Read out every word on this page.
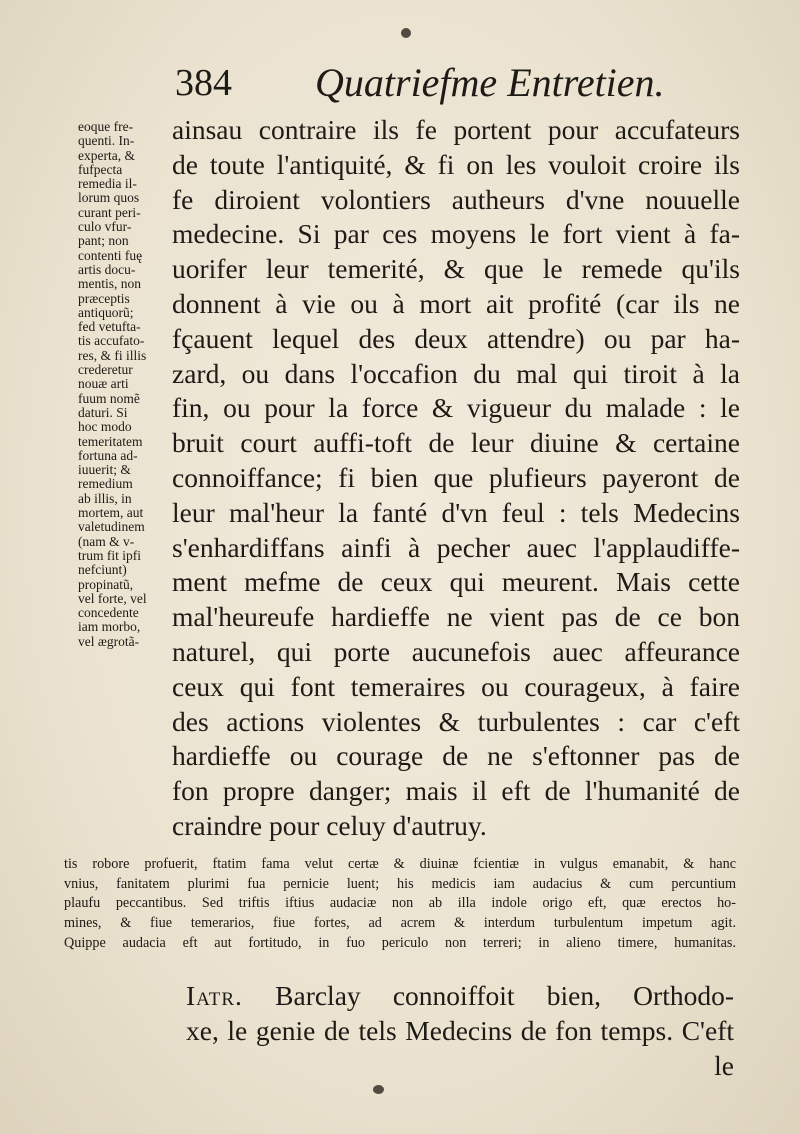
384 Quatriefme Entretien.
eoque fre-
quenti. In-
experta, &
fufpecta
remedia il-
lorum quos
curant peri-
culo vfur-
pant; non
contenti fuę
artis docu-
mentis, non
præceptis
antiquorũ;
fed vetufta-
tis accufato-
res, & fi illis
crederetur
nouæ arti
fuum nomẽ
daturi. Si
hoc modo
temeritatem
fortuna ad-
iuuerit; &
remedium
ab illis, in
mortem, aut
valetudinem
(nam & v-
trum fit ipfi
nefciunt)
propinatũ,
vel forte, vel
concedente
iam morbo,
vel ægrotã-
ainsau contraire ils fe portent pour accufateurs
de toute l'antiquité, & fi on les vouloit croire ils
fe diroient volontiers autheurs d'vne nouuelle
medecine. Si par ces moyens le fort vient à fa-
uorifer leur temerité, & que le remede qu'ils
donnent à vie ou à mort ait profité (car ils ne
fçauent lequel des deux attendre) ou par ha-
zard, ou dans l'occafion du mal qui tiroit à la
fin, ou pour la force & vigueur du malade : le
bruit court auffi-toft de leur diuine & certaine
connoiffance; fi bien que plufieurs payeront de
leur mal'heur la fanté d'vn feul : tels Medecins
s'enhardiffans ainfi à pecher auec l'applaudiffe-
ment mefme de ceux qui meurent. Mais cette
mal'heureufe hardieffe ne vient pas de ce bon
naturel, qui porte aucunefois auec affeurance
ceux qui font temeraires ou courageux, à faire
des actions violentes & turbulentes : car c'eft
hardieffe ou courage de ne s'eftonner pas de
fon propre danger; mais il eft de l'humanité de
craindre pour celuy d'autruy.
tis robore profuerit, ftatim fama velut certæ & diuinæ fcientiæ in vulgus emanabit, & hanc
vnius, fanitatem plurimi fua pernicie luent; his medicis iam audacius & cum percuntium
plaufu peccantibus. Sed triftis iftius audaciæ non ab illa indole origo eft, quæ erectos ho-
mines, & fiue temerarios, fiue fortes, ad acrem & interdum turbulentum impetum agit.
Quippe audacia eft aut fortitudo, in fuo periculo non terreri; in alieno timere, humanitas.
Iatr. Barclay connoiffoit bien, Orthodo-
xe, le genie de tels Medecins de fon temps. C'eft
le
